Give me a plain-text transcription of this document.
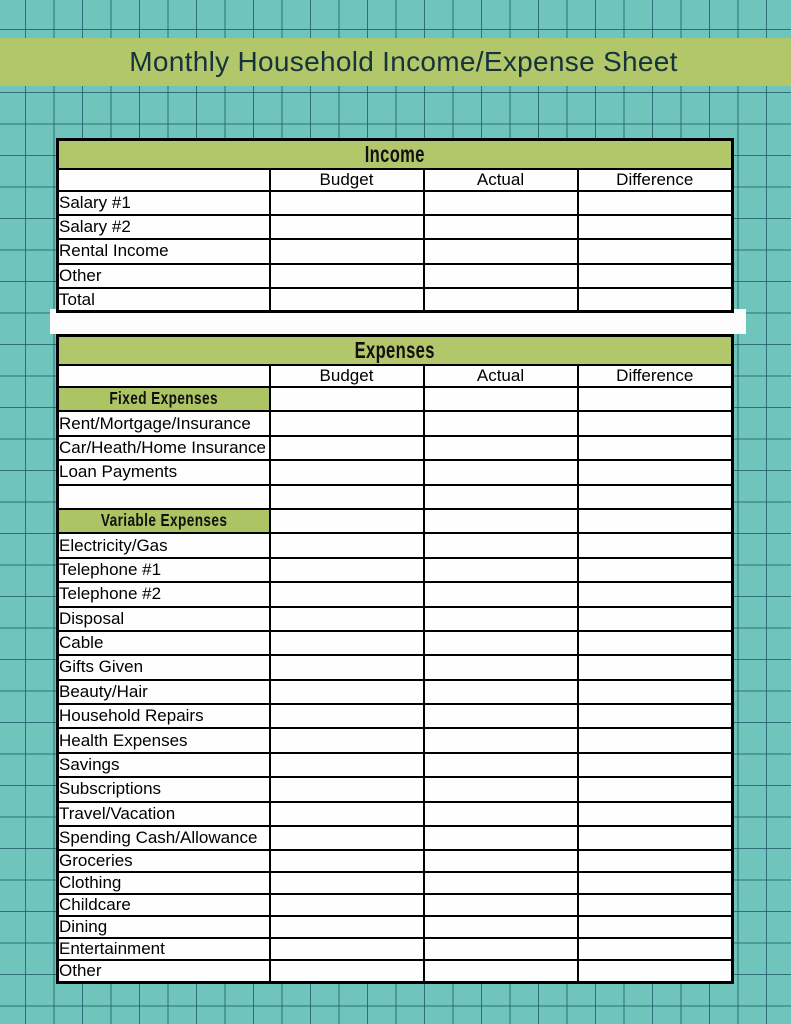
Monthly Household Income/Expense Sheet
Income			
	Budget	Actual	Difference
Salary #1			
Salary #2			
Rental Income			
Other			
Total			
Expenses			
	Budget	Actual	Difference
Fixed Expenses			
Rent/Mortgage/Insurance			
Car/Heath/Home Insurance			
Loan Payments			

Variable Expenses			
Electricity/Gas			
Telephone #1			
Telephone #2			
Disposal			
Cable			
Gifts Given			
Beauty/Hair			
Household Repairs			
Health Expenses			
Savings			
Subscriptions			
Travel/Vacation			
Spending Cash/Allowance			
Groceries			
Clothing			
Childcare			
Dining			
Entertainment			
Other			
